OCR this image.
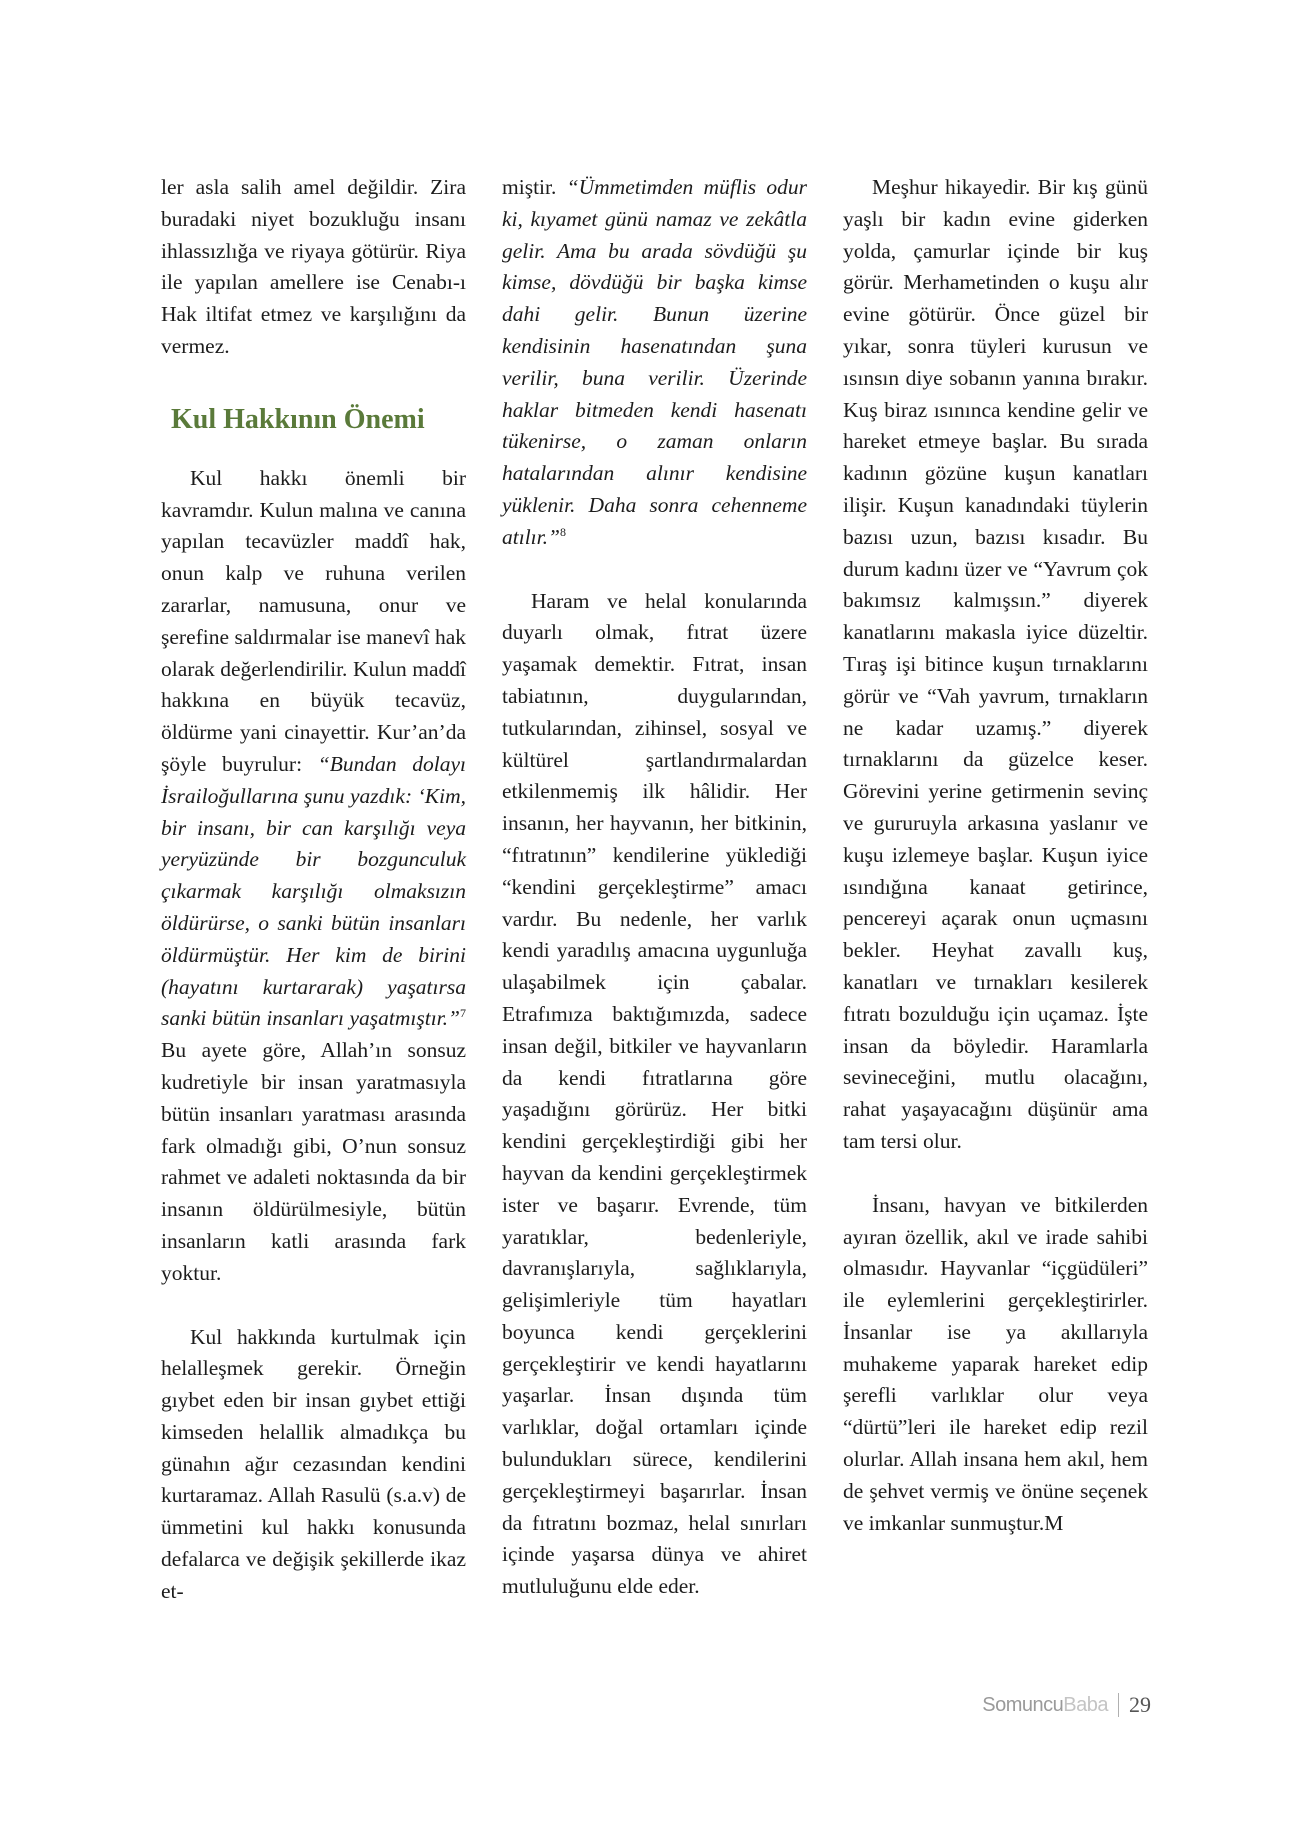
ler asla salih amel değildir. Zira buradaki niyet bozukluğu insanı ihlassızlığa ve riyaya götürür. Riya ile yapılan amellere ise Cenabı-ı Hak iltifat etmez ve karşılığını da vermez.

Kul Hakkının Önemi

Kul hakkı önemli bir kavramdır. Kulun malına ve canına yapılan tecavüzler maddî hak, onun kalp ve ruhuna verilen zararlar, namusuna, onur ve şerefine saldırmalar ise manevî hak olarak değerlendirilir. Kulun maddî hakkına en büyük tecavüz, öldürme yani cinayettir. Kur’an’da şöyle buyrulur: “Bundan dolayı İsrailoğullarına şunu yazdık: ‘Kim, bir insanı, bir can karşılığı veya yeryüzünde bir bozgunculuk çıkarmak karşılığı olmaksızın öldürürse, o sanki bütün insanları öldürmüştür. Her kim de birini (hayatını kurtararak) yaşatırsa sanki bütün insanları yaşatmıştır.”$^7$ Bu ayete göre, Allah’ın sonsuz kudretiyle bir insan yaratmasıyla bütün insanları yaratması arasında fark olmadığı gibi, O’nun sonsuz rahmet ve adaleti noktasında da bir insanın öldürülmesiyle, bütün insanların katli arasında fark yoktur.

Kul hakkında kurtulmak için helalleşmek gerekir. Örneğin gıybet eden bir insan gıybet ettiği kimseden helallik almadıkça bu günahın ağır cezasından kendini kurtaramaz. Allah Rasulü (s.a.v) de ümmetini kul hakkı konusunda defalarca ve değişik şekillerde ikaz et-

miştir. “Ümmetimden müflis odur ki, kıyamet günü namaz ve zekâtla gelir. Ama bu arada sövdüğü şu kimse, dövdüğü bir başka kimse dahi gelir. Bunun üzerine kendisinin hasenatından şuna verilir, buna verilir. Üzerinde haklar bitmeden kendi hasenatı tükenirse, o zaman onların hatalarından alınır kendisine yüklenir. Daha sonra cehenneme atılır.”$^8$

Haram ve helal konularında duyarlı olmak, fıtrat üzere yaşamak demektir. Fıtrat, insan tabiatının, duygularından, tutkularından, zihinsel, sosyal ve kültürel şartlandırmalardan etkilenmemiş ilk hâlidir. Her insanın, her hayvanın, her bitkinin, “fıtratının” kendilerine yüklediği “kendini gerçekleştirme” amacı vardır. Bu nedenle, her varlık kendi yaradılış amacına uygunluğa ulaşabilmek için çabalar. Etrafımıza baktığımızda, sadece insan değil, bitkiler ve hayvanların da kendi fıtratlarına göre yaşadığını görürüz. Her bitki kendini gerçekleştirdiği gibi her hayvan da kendini gerçekleştirmek ister ve başarır. Evrende, tüm yaratıklar, bedenleriyle, davranışlarıyla, sağlıklarıyla, gelişimleriyle tüm hayatları boyunca kendi gerçeklerini gerçekleştirir ve kendi hayatlarını yaşarlar. İnsan dışında tüm varlıklar, doğal ortamları içinde bulundukları sürece, kendilerini gerçekleştirmeyi başarırlar. İnsan da fıtratını bozmaz, helal sınırları içinde yaşarsa dünya ve ahiret mutluluğunu elde eder.

Meşhur hikayedir. Bir kış günü yaşlı bir kadın evine giderken yolda, çamurlar içinde bir kuş görür. Merhametinden o kuşu alır evine götürür. Önce güzel bir yıkar, sonra tüyleri kurusun ve ısınsın diye sobanın yanına bırakır. Kuş biraz ısınınca kendine gelir ve hareket etmeye başlar. Bu sırada kadının gözüne kuşun kanatları ilişir. Kuşun kanadındaki tüylerin bazısı uzun, bazısı kısadır. Bu durum kadını üzer ve “Yavrum çok bakımsız kalmışsın.” diyerek kanatlarını makasla iyice düzeltir. Tıraş işi bitince kuşun tırnaklarını görür ve “Vah yavrum, tırnakların ne kadar uzamış.” diyerek tırnaklarını da güzelce keser. Görevini yerine getirmenin sevinç ve gururuyla arkasına yaslanır ve kuşu izlemeye başlar. Kuşun iyice ısındığına kanaat getirince, pencereyi açarak onun uçmasını bekler. Heyhat zavallı kuş, kanatları ve tırnakları kesilerek fıtratı bozulduğu için uçamaz. İşte insan da böyledir. Haramlarla sevineceğini, mutlu olacağını, rahat yaşayacağını düşünür ama tam tersi olur.

İnsanı, havyan ve bitkilerden ayıran özellik, akıl ve irade sahibi olmasıdır. Hayvanlar “içgüdüleri” ile eylemlerini gerçekleştirirler. İnsanlar ise ya akıllarıyla muhakeme yaparak hareket edip şerefli varlıklar olur veya “dürtü”leri ile hareket edip rezil olurlar. Allah insana hem akıl, hem de şehvet vermiş ve önüne seçenek ve imkanlar sunmuştur.M

Somuncu Baba 29
